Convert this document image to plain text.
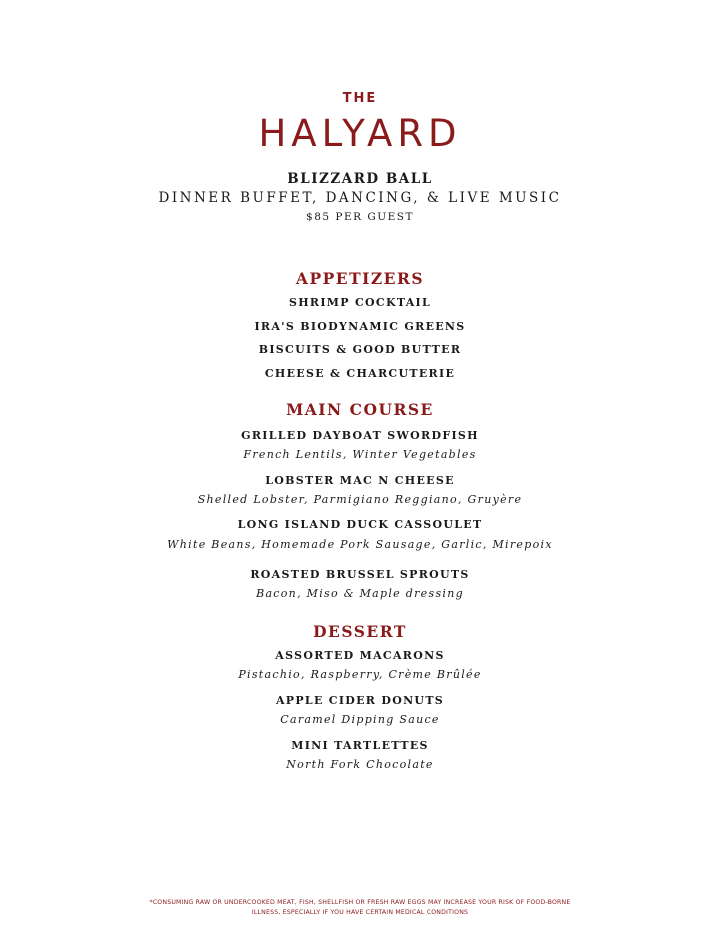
THE
HALYARD
BLIZZARD BALL
DINNER BUFFET, DANCING, & LIVE MUSIC
$85 PER GUEST
APPETIZERS
SHRIMP COCKTAIL
IRA'S BIODYNAMIC GREENS
BISCUITS & GOOD BUTTER
CHEESE & CHARCUTERIE
MAIN COURSE
GRILLED DAYBOAT SWORDFISH
French Lentils, Winter Vegetables
LOBSTER MAC N CHEESE
Shelled Lobster, Parmigiano Reggiano, Gruyère
LONG ISLAND DUCK CASSOULET
White Beans, Homemade Pork Sausage, Garlic, Mirepoix
ROASTED BRUSSEL SPROUTS
Bacon, Miso & Maple dressing
DESSERT
ASSORTED MACARONS
Pistachio, Raspberry, Crème Brûlée
APPLE CIDER DONUTS
Caramel Dipping Sauce
MINI TARTLETTES
North Fork Chocolate
*CONSUMING RAW OR UNDERCOOKED MEAT, FISH, SHELLFISH OR FRESH RAW EGGS MAY INCREASE YOUR RISK OF FOOD-BORNE
ILLNESS, ESPECIALLY IF YOU HAVE CERTAIN MEDICAL CONDITIONS
